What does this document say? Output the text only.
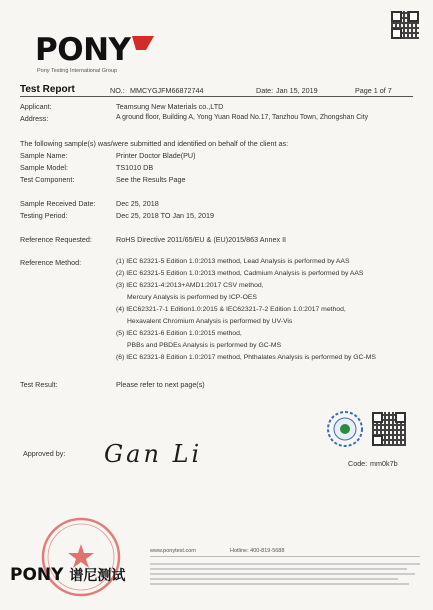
PONY
Pony Testing International Group
Test Report	NO.: MMCYGJFM66872744	Date: Jan 15, 2019	Page 1 of 7
Applicant:	Teamsung New Materials co.,LTD
Address:	A ground floor, Building A, Yong Yuan Road No.17, Tanzhou Town, Zhongshan City
The following sample(s) was/were submitted and identified on behalf of the client as:
Sample Name:	Printer Doctor Blade(PU)
Sample Model:	TS1010 DB
Test Component:	See the Results Page
Sample Received Date:	Dec 25, 2018
Testing Period:	Dec 25, 2018 TO Jan 15, 2019
Reference Requested:	RoHS Directive 2011/65/EU & (EU)2015/863 Annex II
Reference Method:	(1) IEC 62321-5 Edition 1.0:2013 method, Lead Analysis is performed by AAS
(2) IEC 62321-5 Edition 1.0:2013 method, Cadmium Analysis is performed by AAS
(3) IEC 62321-4:2013+AMD1:2017 CSV method,
Mercury Analysis is performed by ICP-OES
(4) IEC62321-7-1 Edition1.0:2015 & IEC62321-7-2 Edition 1.0:2017 method,
Hexavalent Chromium Analysis is performed by UV-Vis
(5) IEC 62321-6 Edition 1.0:2015 method,
PBBs and PBDEs Analysis is performed by GC-MS
(6) IEC 62321-8 Edition 1.0:2017 method, Phthalates Analysis is performed by GC-MS
Test Result:	Please refer to next page(s)
Code: mm0k7b
Approved by: Gan Li
PONY 谱尼测试
www.ponytest.com	Hotline: 400-819-5688
